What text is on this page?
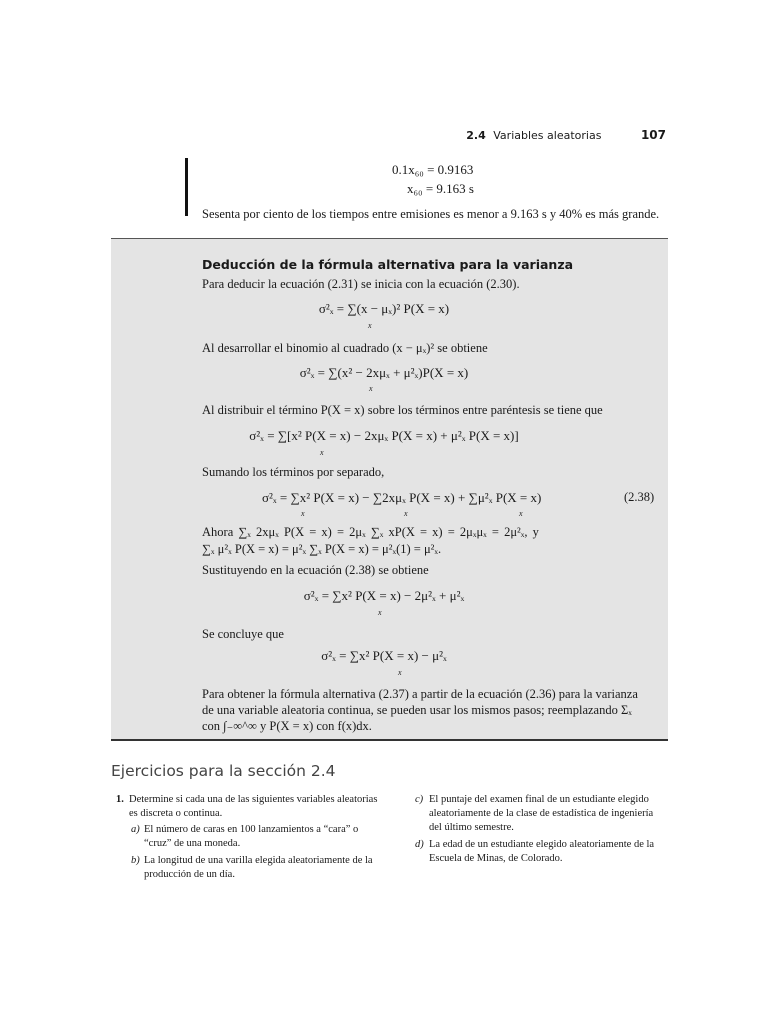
2.4 Variables aleatorias	107
0.1x₆₀ = 0.9163
x₆₀ = 9.163 s
Sesenta por ciento de los tiempos entre emisiones es menor a 9.163 s y 40% es más grande.
Deducción de la fórmula alternativa para la varianza
Para deducir la ecuación (2.31) se inicia con la ecuación (2.30).
σ²ₓ = ∑(x − μₓ)² P(X = x)
x
Al desarrollar el binomio al cuadrado (x − μₓ)² se obtiene
σ²ₓ = ∑(x² − 2xμₓ + μ²ₓ)P(X = x)
x
Al distribuir el término P(X = x) sobre los términos entre paréntesis se tiene que
σ²ₓ = ∑[x² P(X = x) − 2xμₓ P(X = x) + μ²ₓ P(X = x)]
x
Sumando los términos por separado,
σ²ₓ = ∑x² P(X = x) − ∑2xμₓ P(X = x) + ∑μ²ₓ P(X = x)	(2.38)
x	x	x
Ahora ∑ₓ 2xμₓ P(X = x) = 2μₓ ∑ₓ xP(X = x) = 2μₓμₓ = 2μ²ₓ, y
∑ₓ μ²ₓ P(X = x) = μ²ₓ ∑ₓ P(X = x) = μ²ₓ(1) = μ²ₓ.
Sustituyendo en la ecuación (2.38) se obtiene
σ²ₓ = ∑x² P(X = x) − 2μ²ₓ + μ²ₓ
x
Se concluye que
σ²ₓ = ∑x² P(X = x) − μ²ₓ
x
Para obtener la fórmula alternativa (2.37) a partir de la ecuación (2.36) para la varianza
de una variable aleatoria continua, se pueden usar los mismos pasos; reemplazando Σₓ
con ∫₋∞^∞ y P(X = x) con f(x)dx.
Ejercicios para la sección 2.4
1. Determine si cada una de las siguientes variables aleatorias
es discreta o continua.
a) El número de caras en 100 lanzamientos a “cara” o
“cruz” de una moneda.
b) La longitud de una varilla elegida aleatoriamente de la
producción de un día.
c) El puntaje del examen final de un estudiante elegido
aleatoriamente de la clase de estadística de ingeniería
del último semestre.
d) La edad de un estudiante elegido aleatoriamente de la
Escuela de Minas, de Colorado.
